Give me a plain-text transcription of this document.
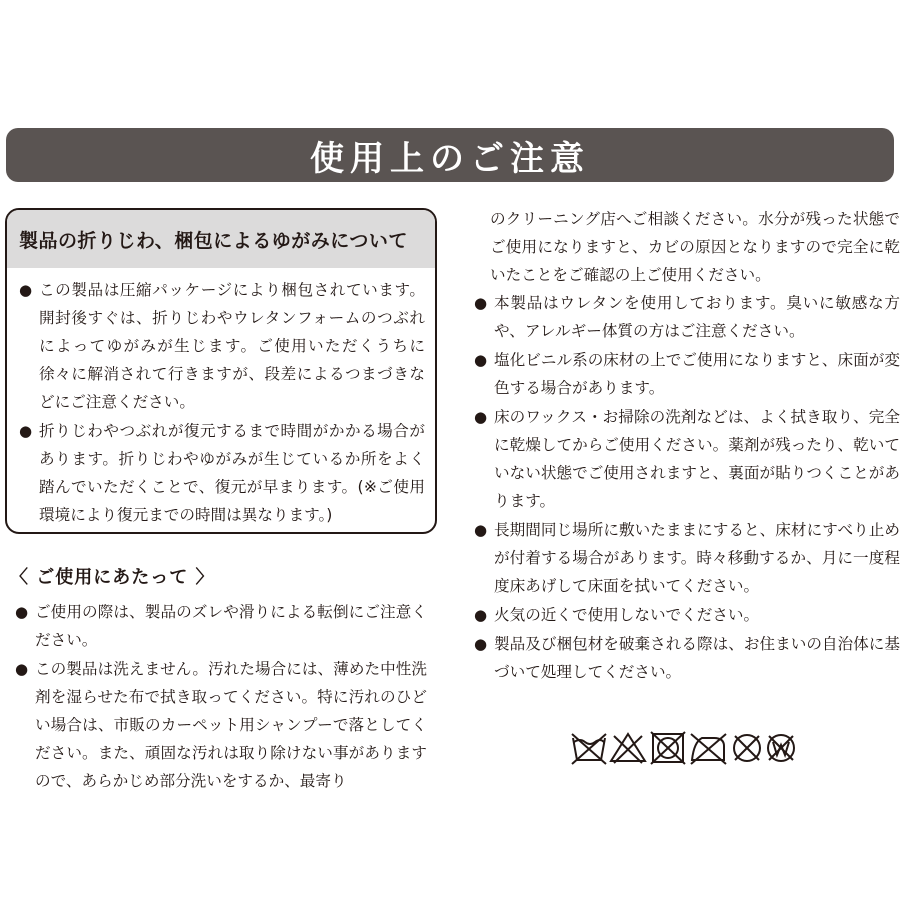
使用上のご注意
製品の折りじわ、梱包によるゆがみについて
● この製品は圧縮パッケージにより梱包されています。開封後すぐは、折りじわやウレタンフォームのつぶれによってゆがみが生じます。ご使用いただくうちに徐々に解消されて行きますが、段差によるつまづきなどにご注意ください。
● 折りじわやつぶれが復元するまで時間がかかる場合があります。折りじわやゆがみが生じているか所をよく踏んでいただくことで、復元が早まります。(※ご使用環境により復元までの時間は異なります。)
〈 ご使用にあたって 〉
● ご使用の際は、製品のズレや滑りによる転倒にご注意ください。
● この製品は洗えません。汚れた場合には、薄めた中性洗剤を湿らせた布で拭き取ってください。特に汚れのひどい場合は、市販のカーペット用シャンプーで落としてください。また、頑固な汚れは取り除けない事がありますので、あらかじめ部分洗いをするか、最寄り
のクリーニング店へご相談ください。水分が残った状態でご使用になりますと、カビの原因となりますので完全に乾いたことをご確認の上ご使用ください。
● 本製品はウレタンを使用しております。臭いに敏感な方や、アレルギー体質の方はご注意ください。
● 塩化ビニル系の床材の上でご使用になりますと、床面が変色する場合があります。
● 床のワックス・お掃除の洗剤などは、よく拭き取り、完全に乾燥してからご使用ください。薬剤が残ったり、乾いていない状態でご使用されますと、裏面が貼りつくことがあります。
● 長期間同じ場所に敷いたままにすると、床材にすべり止めが付着する場合があります。時々移動するか、月に一度程度床あげして床面を拭いてください。
● 火気の近くで使用しないでください。
● 製品及び梱包材を破棄される際は、お住まいの自治体に基づいて処理してください。
